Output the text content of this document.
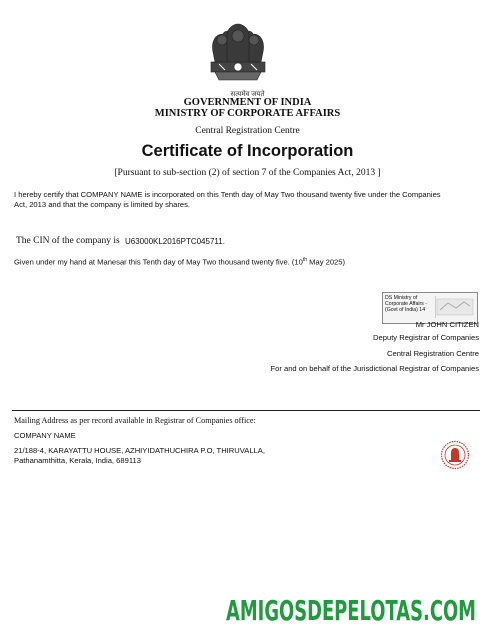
सत्यमेव जयते
GOVERNMENT OF INDIA
MINISTRY OF CORPORATE AFFAIRS
Central Registration Centre
Certificate of Incorporation
[Pursuant to sub-section (2) of section 7 of the Companies Act, 2013 ]
I hereby certify that COMPANY NAME is incorporated on this Tenth day of May Two thousand twenty five under the Companies
Act, 2013 and that the company is limited by shares.
The CIN of the company is U63000KL2016PTC045711.
Given under my hand at Manesar this Tenth day of May Two thousand twenty five. (10th May 2025)
DS Ministry of
Corporate Affairs -
(Govt of India) 14
Mr JOHN CITIZEN
Deputy Registrar of Companies
Central Registration Centre
For and on behalf of the Jurisdictional Registrar of Companies
Mailing Address as per record available in Registrar of Companies office:
COMPANY NAME
21/188-4, KARAYATTU HOUSE, AZHIYIDATHUCHIRA P.O, THIRUVALLA,
Pathanamthitta, Kerala, India, 689113
AMIGOSDEPELOTAS.COM
